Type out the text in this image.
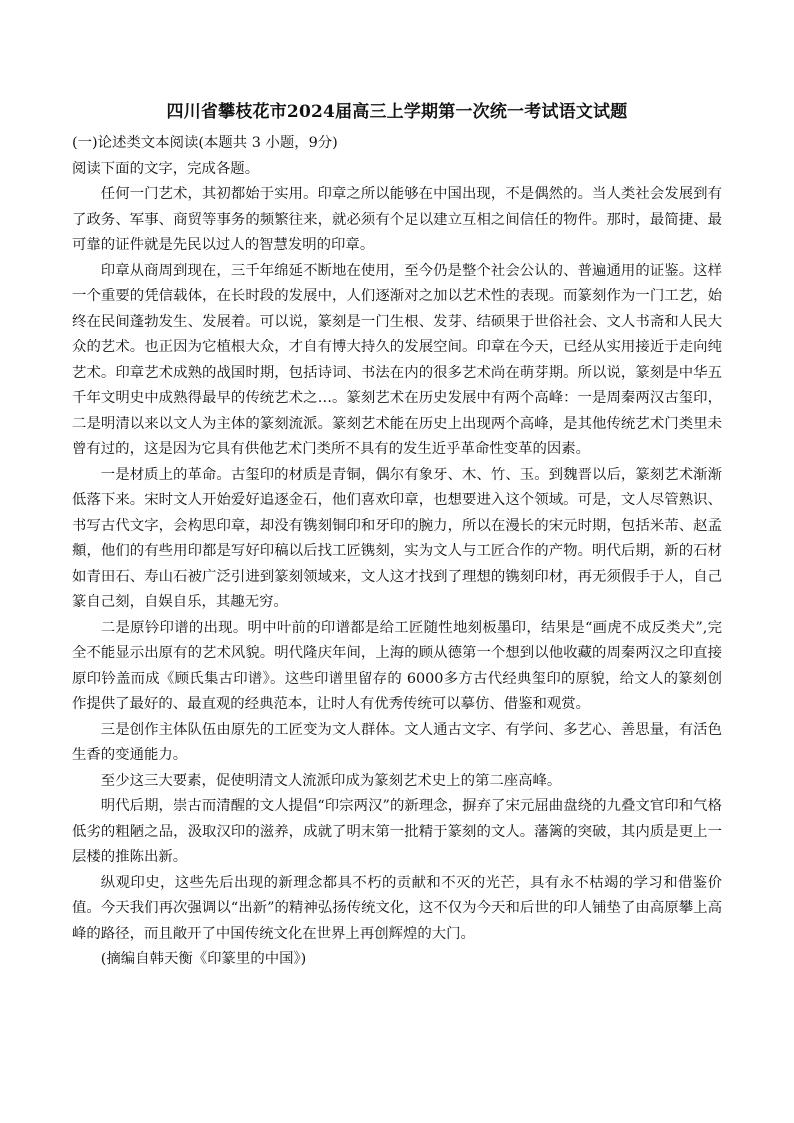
四川省攀枝花市2024届高三上学期第一次统一考试语文试题

(一)论述类文本阅读(本题共 3 小题，9分)

阅读下面的文字，完成各题。

任何一门艺术，其初都始于实用。印章之所以能够在中国出现，不是偶然的。当人类社会发展到有了政务、军事、商贸等事务的频繁往来，就必须有个足以建立互相之间信任的物件。那时，最简捷、最可靠的证件就是先民以过人的智慧发明的印章。

印章从商周到现在，三千年绵延不断地在使用，至今仍是整个社会公认的、普遍通用的证鉴。这样一个重要的凭信载体，在长时段的发展中，人们逐渐对之加以艺术性的表现。而篆刻作为一门工艺，始终在民间蓬勃发生、发展着。可以说，篆刻是一门生根、发芽、结硕果于世俗社会、文人书斋和人民大众的艺术。也正因为它植根大众，才自有博大持久的发展空间。印章在今天，已经从实用接近于走向纯艺术。印章艺术成熟的战国时期，包括诗词、书法在内的很多艺术尚在萌芽期。所以说，篆刻是中华五千年文明史中成熟得最早的传统艺术之…。篆刻艺术在历史发展中有两个高峰：一是周秦两汉古玺印，二是明清以来以文人为主体的篆刻流派。篆刻艺术能在历史上出现两个高峰，是其他传统艺术门类里未曾有过的，这是因为它具有供他艺术门类所不具有的发生近乎革命性变革的因素。

一是材质上的革命。古玺印的材质是青铜，偶尔有象牙、木、竹、玉。到魏晋以后，篆刻艺术渐渐低落下来。宋时文人开始爱好追逐金石，他们喜欢印章，也想要进入这个领域。可是，文人尽管熟识、书写古代文字，会构思印章，却没有镌刻铜印和牙印的腕力，所以在漫长的宋元时期，包括米芾、赵孟頫，他们的有些用印都是写好印稿以后找工匠镌刻，实为文人与工匠合作的产物。明代后期，新的石材如青田石、寿山石被广泛引进到篆刻领域来，文人这才找到了理想的镌刻印材，再无须假手于人，自己篆自己刻，自娱自乐，其趣无穷。

二是原钤印谱的出现。明中叶前的印谱都是给工匠随性地刻板墨印，结果是“画虎不成反类犬”,完全不能显示出原有的艺术风貌。明代隆庆年间，上海的顾从德第一个想到以他收藏的周秦两汉之印直接原印钤盖而成《顾氏集古印谱》。这些印谱里留存的 6000多方古代经典玺印的原貌，给文人的篆刻创作提供了最好的、最直观的经典范本，让时人有优秀传统可以摹仿、借鉴和观赏。

三是创作主体队伍由原先的工匠变为文人群体。文人通古文字、有学问、多艺心、善思量，有活色生香的变通能力。

至少这三大要素，促使明清文人流派印成为篆刻艺术史上的第二座高峰。

明代后期，崇古而清醒的文人提倡“印宗两汉”的新理念，摒弃了宋元屈曲盘绕的九叠文官印和气格低劣的粗陋之品，汲取汉印的滋养，成就了明末第一批精于篆刻的文人。藩篱的突破，其内质是更上一层楼的推陈出新。

纵观印史，这些先后出现的新理念都具不朽的贡献和不灭的光芒，具有永不枯竭的学习和借鉴价值。今天我们再次强调以“出新”的精神弘扬传统文化，这不仅为今天和后世的印人铺垫了由高原攀上高峰的路径，而且敞开了中国传统文化在世界上再创辉煌的大门。

(摘编自韩天衡《印篆里的中国》)
